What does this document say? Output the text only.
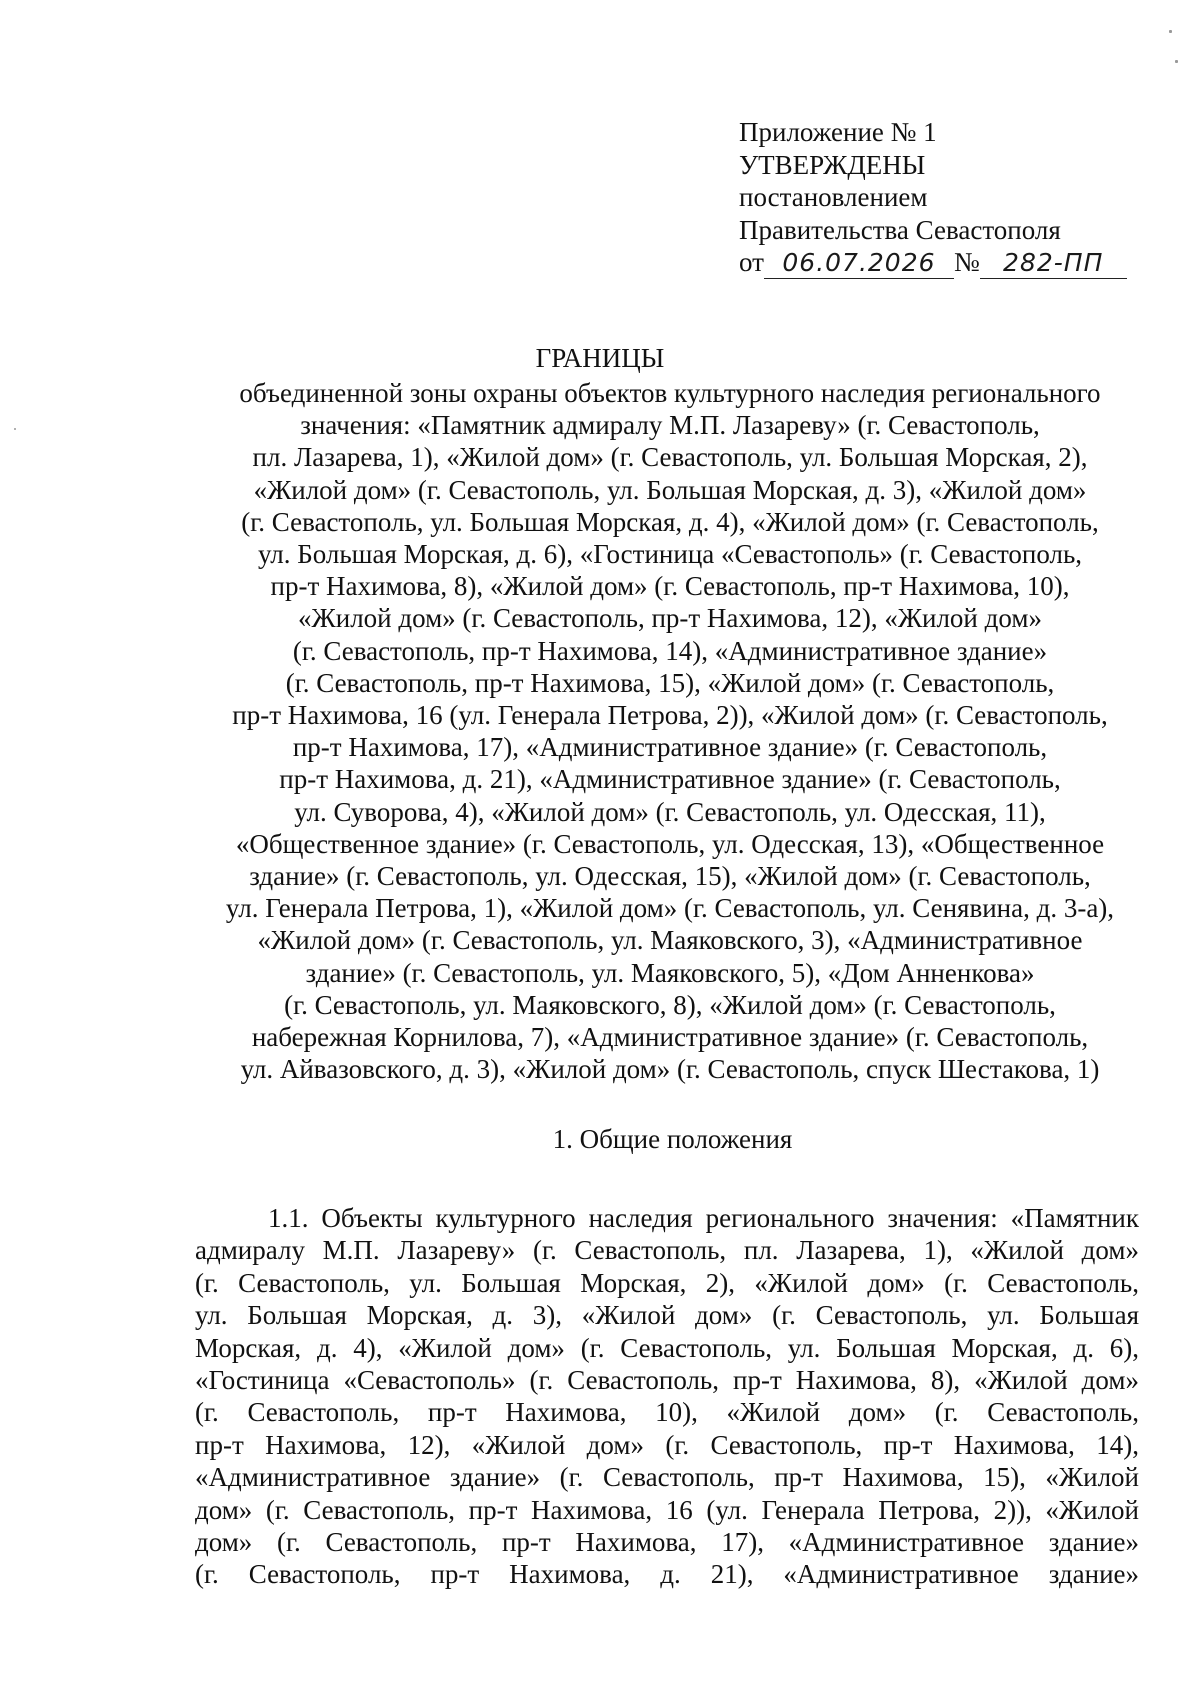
Приложение № 1
УТВЕРЖДЕНЫ
постановлением
Правительства Севастополя
от 06.07.2026 № 282-ПП
ГРАНИЦЫ
объединенной зоны охраны объектов культурного наследия регионального
значения: «Памятник адмиралу М.П. Лазареву» (г. Севастополь,
пл. Лазарева, 1), «Жилой дом» (г. Севастополь, ул. Большая Морская, 2),
«Жилой дом» (г. Севастополь, ул. Большая Морская, д. 3), «Жилой дом»
(г. Севастополь, ул. Большая Морская, д. 4), «Жилой дом» (г. Севастополь,
ул. Большая Морская, д. 6), «Гостиница «Севастополь» (г. Севастополь,
пр-т Нахимова, 8), «Жилой дом» (г. Севастополь, пр-т Нахимова, 10),
«Жилой дом» (г. Севастополь, пр-т Нахимова, 12), «Жилой дом»
(г. Севастополь, пр-т Нахимова, 14), «Административное здание»
(г. Севастополь, пр-т Нахимова, 15), «Жилой дом» (г. Севастополь,
пр-т Нахимова, 16 (ул. Генерала Петрова, 2)), «Жилой дом» (г. Севастополь,
пр-т Нахимова, 17), «Административное здание» (г. Севастополь,
пр-т Нахимова, д. 21), «Административное здание» (г. Севастополь,
ул. Суворова, 4), «Жилой дом» (г. Севастополь, ул. Одесская, 11),
«Общественное здание» (г. Севастополь, ул. Одесская, 13), «Общественное
здание» (г. Севастополь, ул. Одесская, 15), «Жилой дом» (г. Севастополь,
ул. Генерала Петрова, 1), «Жилой дом» (г. Севастополь, ул. Сенявина, д. 3-а),
«Жилой дом» (г. Севастополь, ул. Маяковского, 3), «Административное
здание» (г. Севастополь, ул. Маяковского, 5), «Дом Анненкова»
(г. Севастополь, ул. Маяковского, 8), «Жилой дом» (г. Севастополь,
набережная Корнилова, 7), «Административное здание» (г. Севастополь,
ул. Айвазовского, д. 3), «Жилой дом» (г. Севастополь, спуск Шестакова, 1)
1. Общие положения
1.1. Объекты культурного наследия регионального значения: «Памятник
адмиралу М.П. Лазареву» (г. Севастополь, пл. Лазарева, 1), «Жилой дом»
(г. Севастополь, ул. Большая Морская, 2), «Жилой дом» (г. Севастополь,
ул. Большая Морская, д. 3), «Жилой дом» (г. Севастополь, ул. Большая
Морская, д. 4), «Жилой дом» (г. Севастополь, ул. Большая Морская, д. 6),
«Гостиница «Севастополь» (г. Севастополь, пр-т Нахимова, 8), «Жилой дом»
(г. Севастополь, пр-т Нахимова, 10), «Жилой дом» (г. Севастополь,
пр-т Нахимова, 12), «Жилой дом» (г. Севастополь, пр-т Нахимова, 14),
«Административное здание» (г. Севастополь, пр-т Нахимова, 15), «Жилой
дом» (г. Севастополь, пр-т Нахимова, 16 (ул. Генерала Петрова, 2)), «Жилой
дом» (г. Севастополь, пр-т Нахимова, 17), «Административное здание»
(г. Севастополь, пр-т Нахимова, д. 21), «Административное здание»
